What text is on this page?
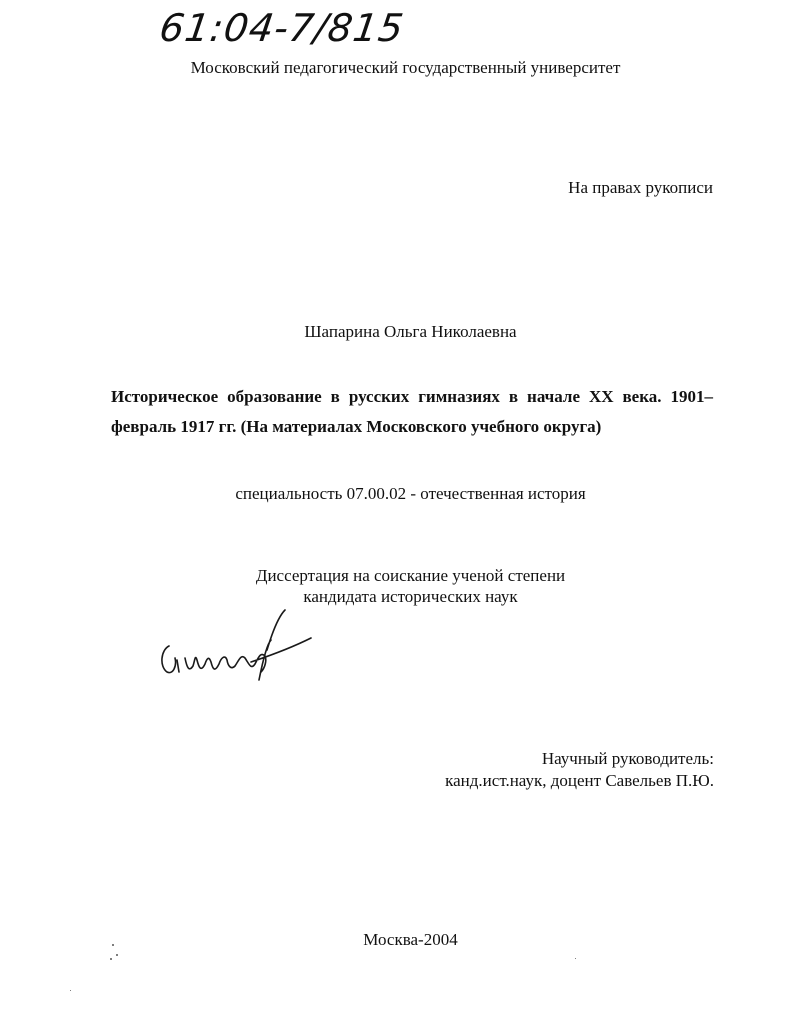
61:04-7/815
Московский педагогический государственный университет
На правах рукописи
Шапарина Ольга Николаевна
Историческое образование в русских гимназиях в начале XX века. 1901–
февраль 1917 гг. (На материалах Московского учебного округа)
специальность 07.00.02 - отечественная история
Диссертация на соискание ученой степени
кандидата исторических наук
Научный руководитель:
канд.ист.наук, доцент Савельев П.Ю.
Москва-2004
